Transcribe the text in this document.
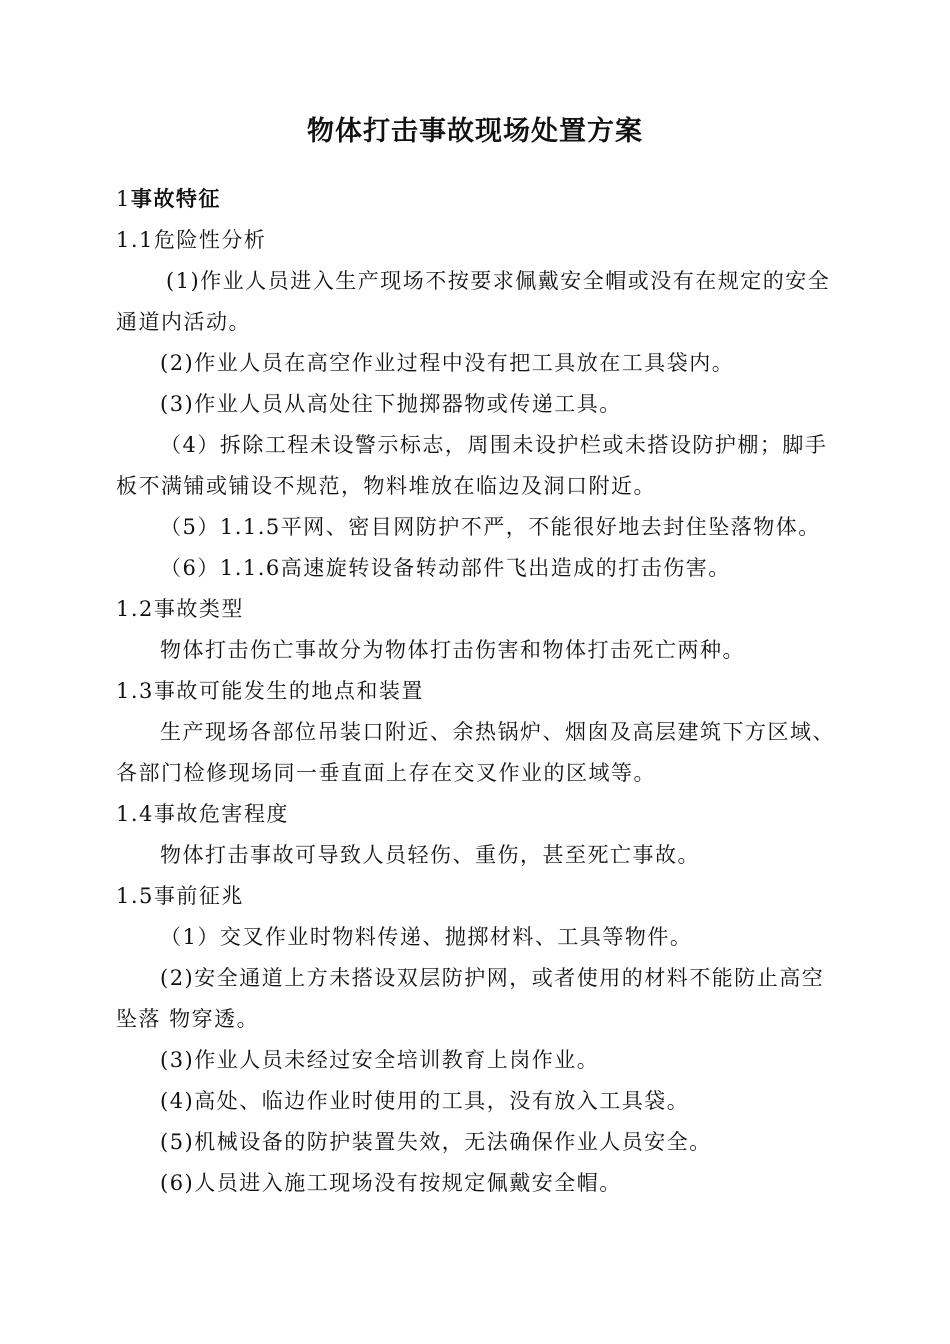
物体打击事故现场处置方案

1事故特征

1.1危险性分析

(1)作业人员进入生产现场不按要求佩戴安全帽或没有在规定的安全通道内活动。

(2)作业人员在高空作业过程中没有把工具放在工具袋内。

(3)作业人员从高处往下抛掷器物或传递工具。

（4）拆除工程未设警示标志，周围未设护栏或未搭设防护棚；脚手板不满铺或铺设不规范，物料堆放在临边及洞口附近。

（5）1.1.5平网、密目网防护不严，不能很好地去封住坠落物体。

（6）1.1.6高速旋转设备转动部件飞出造成的打击伤害。

1.2事故类型

物体打击伤亡事故分为物体打击伤害和物体打击死亡两种。

1.3事故可能发生的地点和装置

生产现场各部位吊装口附近、余热锅炉、烟囱及高层建筑下方区域、各部门检修现场同一垂直面上存在交叉作业的区域等。

1.4事故危害程度

物体打击事故可导致人员轻伤、重伤，甚至死亡事故。

1.5事前征兆

（1）交叉作业时物料传递、抛掷材料、工具等物件。

(2)安全通道上方未搭设双层防护网，或者使用的材料不能防止高空坠落 物穿透。

(3)作业人员未经过安全培训教育上岗作业。

(4)高处、临边作业时使用的工具，没有放入工具袋。

(5)机械设备的防护装置失效，无法确保作业人员安全。

(6)人员进入施工现场没有按规定佩戴安全帽。
